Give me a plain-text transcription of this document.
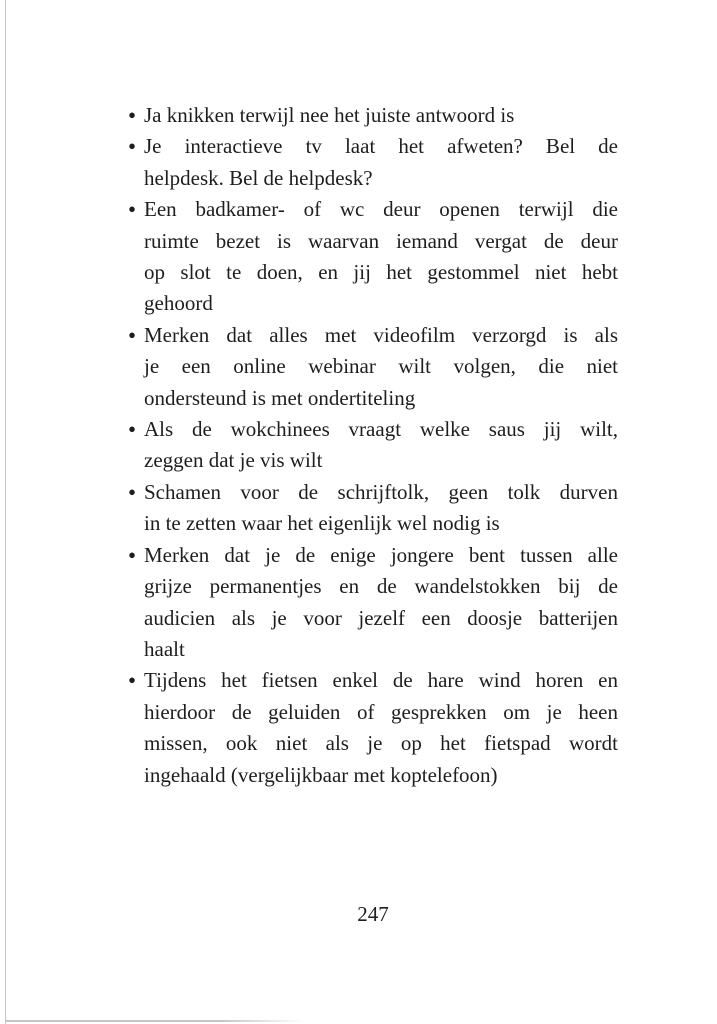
• Ja knikken terwijl nee het juiste antwoord is
• Je interactieve tv laat het afweten? Bel de
helpdesk. Bel de helpdesk?
• Een badkamer- of wc deur openen terwijl die
ruimte bezet is waarvan iemand vergat de deur
op slot te doen, en jij het gestommel niet hebt
gehoord
• Merken dat alles met videofilm verzorgd is als
je een online webinar wilt volgen, die niet
ondersteund is met ondertiteling
• Als de wokchinees vraagt welke saus jij wilt,
zeggen dat je vis wilt
• Schamen voor de schrijftolk, geen tolk durven
in te zetten waar het eigenlijk wel nodig is
• Merken dat je de enige jongere bent tussen alle
grijze permanentjes en de wandelstokken bij de
audicien als je voor jezelf een doosje batterijen
haalt
• Tijdens het fietsen enkel de hare wind horen en
hierdoor de geluiden of gesprekken om je heen
missen, ook niet als je op het fietspad wordt
ingehaald (vergelijkbaar met koptelefoon)
247
